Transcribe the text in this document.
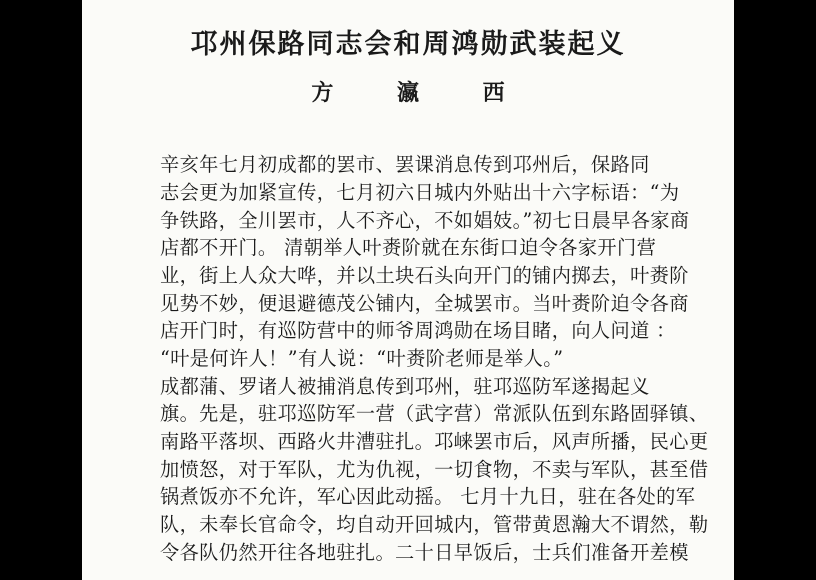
邛州保路同志会和周鸿勋武装起义
方 瀛 西
辛亥年七月初成都的罢市、罢课消息传到邛州后，保路同
志会更为加紧宣传，七月初六日城内外贴出十六字标语：“为
争铁路，全川罢市，人不齐心，不如娼妓。”初七日晨早各家商
店都不开门。 清朝举人叶赉阶就在东街口迫令各家开门营
业，街上人众大哗，并以土块石头向开门的铺内掷去，叶赉阶
见势不妙，便退避德茂公铺内，全城罢市。当叶赉阶迫令各商
店开门时，有巡防营中的师爷周鸿勋在场目睹，向人问道 ：
“叶是何许人！”有人说：“叶赉阶老师是举人。”
成都蒲、罗诸人被捕消息传到邛州，驻邛巡防军遂揭起义
旗。先是，驻邛巡防军一营（武字营）常派队伍到东路固驿镇、
南路平落坝、西路火井漕驻扎。邛崃罢市后，风声所播，民心更
加愤怒，对于军队，尤为仇视，一切食物，不卖与军队，甚至借
锅煮饭亦不允许，军心因此动摇。 七月十九日，驻在各处的军
队，未奉长官命令，均自动开回城内，管带黄恩瀚大不谓然，勒
令各队仍然开往各地驻扎。二十日早饭后，士兵们准备开差模
